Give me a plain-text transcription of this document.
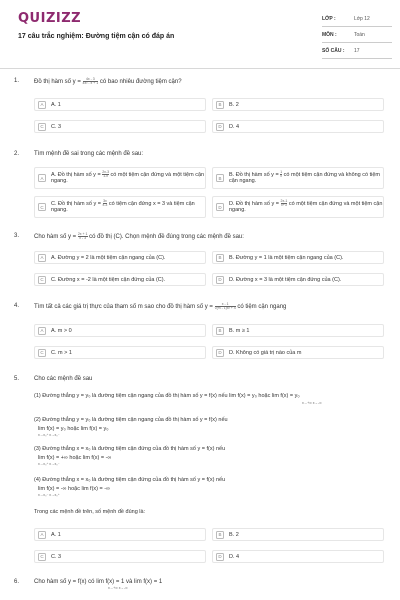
QUIZIZZ
17 câu trắc nghiệm: Đường tiệm cận có đáp án
LỚP :	Lớp 12
MÔN :	Toán
SỐ CÂU :	17
1. Đồ thị hàm số $y = \frac{4x - 3}{\text{4x² - x + 1}}$ có bao nhiêu đường tiệm cận?
A	A. 1	B	B. 2
C	C. 3	D	D. 4
2. Tìm mệnh đề sai trong các mệnh đề sau:
A
A. Đồ thị hàm số $y = \frac{2x-3}{1-x}$ có một tiệm cận đứng và một tiệm cận ngang.
B
B. Đồ thị hàm số $y = \frac{1}{x}$ có một tiệm cận đứng và không có tiệm cận ngang.
C
C. Đồ thị hàm số $y = \frac{3x}{x-3}$ có tiệm cận đứng x = 3 và tiệm cận ngang.
D
D. Đồ thị hàm số $y = \frac{2x-1}{x+3}$ có một tiệm cận đứng và một tiệm cận ngang.
3. Cho hàm số $y = \frac{2x + 1}{x - 3}$ có đồ thị (C). Chọn mệnh đề đúng trong các mệnh đề sau:
A	A. Đường y = 2 là một tiệm cận ngang của (C).	B	B. Đường y = 1 là một tiệm cận ngang của (C).
C	C. Đường x = -2 là một tiệm cận đứng của (C).	D	D. Đường x = 3 là một tiệm cận đứng của (C).
4. Tìm tất cả các giá trị thực của tham số m sao cho đồ thị hàm số $y = \frac{x - 1}{\text{√(m - 1)x² + 4}}$ có tiệm cận ngang
A	A. m > 0	B	B. m ≥ 1
C	C. m > 1	D	D. Không có giá trị nào của m
5. Cho các mệnh đề sau
(1) Đường thẳng y = y₀ là đường tiệm cận ngang của đồ thị hàm số y = f(x) nếu lim f(x) = y₀ hoặc lim f(x) = y₀
x→+∞ x→-∞
(2) Đường thẳng y = y₀ là đường tiệm cận ngang của đồ thị hàm số y = f(x) nếu
lim f(x) = y₀ hoặc lim f(x) = y₀
x→x₀⁺ x→x₀⁻
(3) Đường thẳng x = x₀ là đường tiệm cận đứng của đồ thị hàm số y = f(x) nếu
lim f(x) = +∞ hoặc lim f(x) = -∞
x→x₀⁺ x→x₀⁻
(4) Đường thẳng x = x₀ là đường tiệm cận đứng của đồ thị hàm số y = f(x) nếu
lim f(x) = -∞ hoặc lim f(x) = -∞
x→x₀⁻ x→x₀⁺
Trong các mệnh đề trên, số mệnh đề đúng là:
A	A. 1	B	B. 2
C	C. 3	D	D. 4
6. Cho hàm số y = f(x) có lim f(x) = 1 và lim f(x) = 1
x→+∞ x→-∞
